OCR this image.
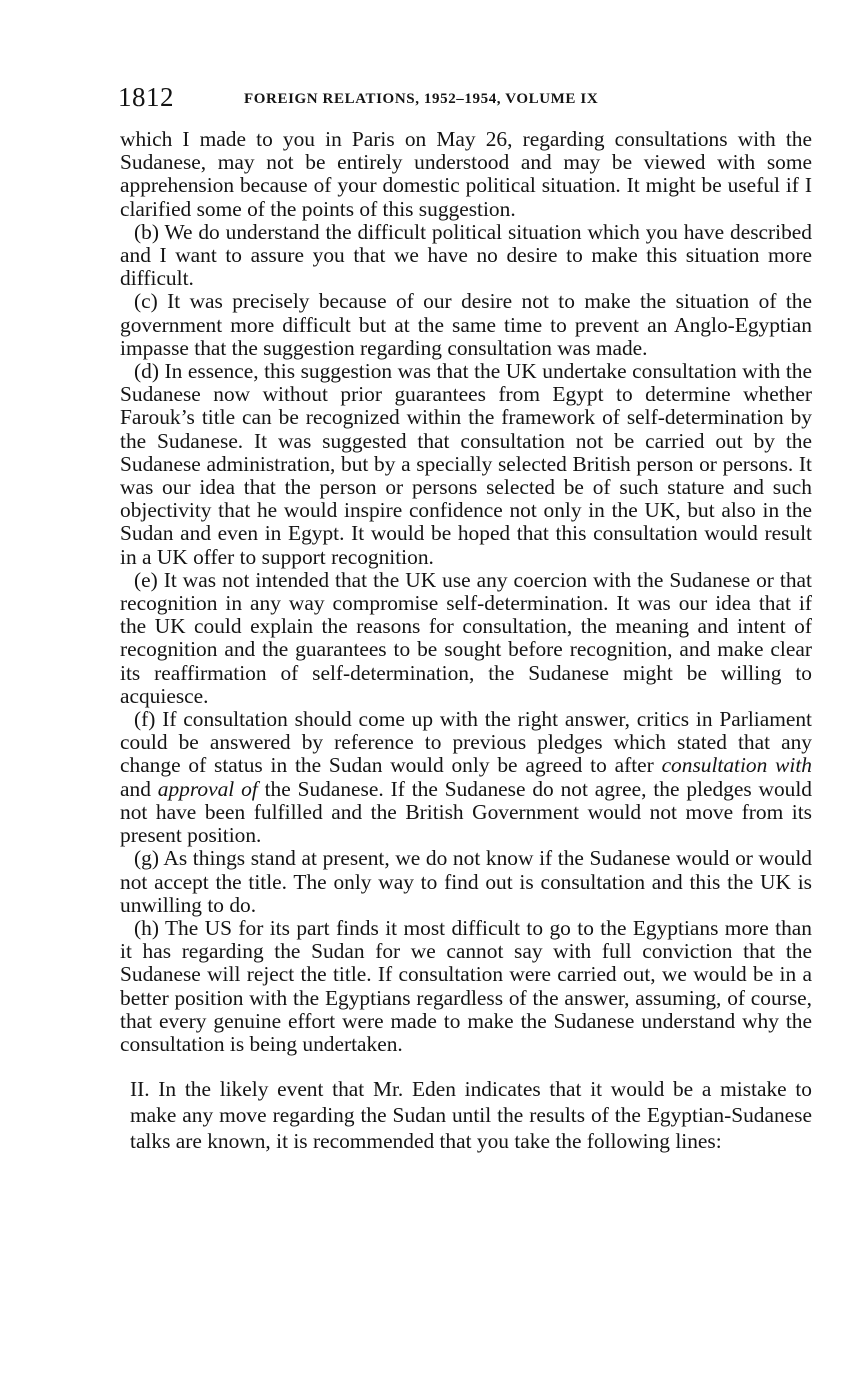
1812	FOREIGN RELATIONS, 1952–1954, VOLUME IX

which I made to you in Paris on May 26, regarding consultations with the Sudanese, may not be entirely understood and may be viewed with some apprehension because of your domestic political situation. It might be useful if I clarified some of the points of this suggestion.

(b) We do understand the difficult political situation which you have described and I want to assure you that we have no desire to make this situation more difficult.

(c) It was precisely because of our desire not to make the situation of the government more difficult but at the same time to prevent an Anglo-Egyptian impasse that the suggestion regarding consultation was made.

(d) In essence, this suggestion was that the UK undertake consultation with the Sudanese now without prior guarantees from Egypt to determine whether Farouk’s title can be recognized within the framework of self-determination by the Sudanese. It was suggested that consultation not be carried out by the Sudanese administration, but by a specially selected British person or persons. It was our idea that the person or persons selected be of such stature and such objectivity that he would inspire confidence not only in the UK, but also in the Sudan and even in Egypt. It would be hoped that this consultation would result in a UK offer to support recognition.

(e) It was not intended that the UK use any coercion with the Sudanese or that recognition in any way compromise self-determination. It was our idea that if the UK could explain the reasons for consultation, the meaning and intent of recognition and the guarantees to be sought before recognition, and make clear its reaffirmation of self-determination, the Sudanese might be willing to acquiesce.

(f) If consultation should come up with the right answer, critics in Parliament could be answered by reference to previous pledges which stated that any change of status in the Sudan would only be agreed to after consultation with and approval of the Sudanese. If the Sudanese do not agree, the pledges would not have been fulfilled and the British Government would not move from its present position.

(g) As things stand at present, we do not know if the Sudanese would or would not accept the title. The only way to find out is consultation and this the UK is unwilling to do.

(h) The US for its part finds it most difficult to go to the Egyptians more than it has regarding the Sudan for we cannot say with full conviction that the Sudanese will reject the title. If consultation were carried out, we would be in a better position with the Egyptians regardless of the answer, assuming, of course, that every genuine effort were made to make the Sudanese understand why the consultation is being undertaken.

II. In the likely event that Mr. Eden indicates that it would be a mistake to make any move regarding the Sudan until the results of the Egyptian-Sudanese talks are known, it is recommended that you take the following lines:
